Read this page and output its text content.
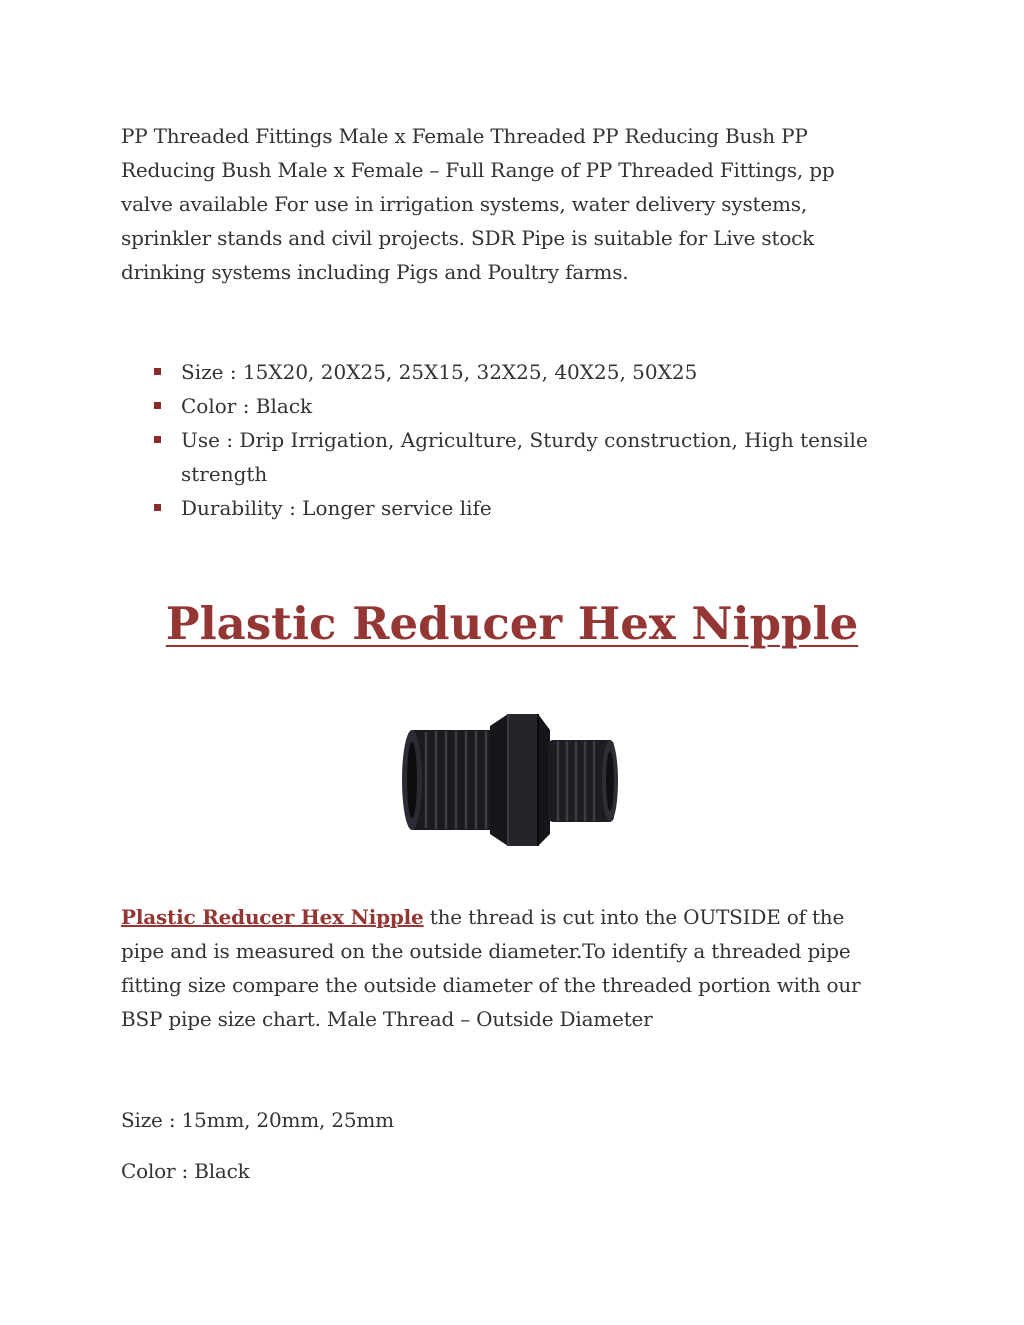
PP Threaded Fittings Male x Female Threaded PP Reducing Bush PP Reducing Bush Male x Female – Full Range of PP Threaded Fittings, pp valve available For use in irrigation systems, water delivery systems, sprinkler stands and civil projects. SDR Pipe is suitable for Live stock drinking systems including Pigs and Poultry farms.

Size : 15X20, 20X25, 25X15, 32X25, 40X25, 50X25
Color : Black
Use : Drip Irrigation, Agriculture, Sturdy construction, High tensile strength
Durability : Longer service life
Plastic Reducer Hex Nipple

Plastic Reducer Hex Nipple the thread is cut into the OUTSIDE of the pipe and is measured on the outside diameter.To identify a threaded pipe fitting size compare the outside diameter of the threaded portion with our BSP pipe size chart. Male Thread – Outside Diameter

Size : 15mm, 20mm, 25mm

Color : Black
